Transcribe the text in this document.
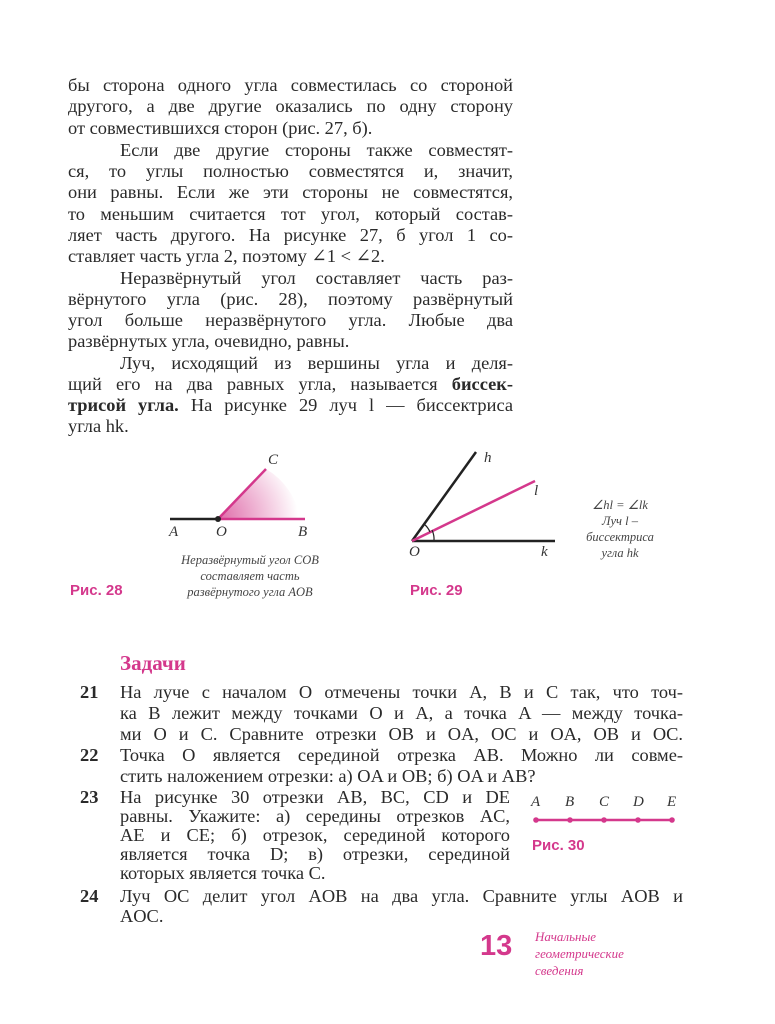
бы сторона одного угла совместилась со стороной
другого, а две другие оказались по одну сторону
от совместившихся сторон (рис. 27, б).
Если две другие стороны также совместят-
ся, то углы полностью совместятся и, значит,
они равны. Если же эти стороны не совместятся,
то меньшим считается тот угол, который состав-
ляет часть другого. На рисунке 27, б угол 1 со-
ставляет часть угла 2, поэтому ∠1 < ∠2.
Неразвёрнутый угол составляет часть раз-
вёрнутого угла (рис. 28), поэтому развёрнутый
угол больше неразвёрнутого угла. Любые два
развёрнутых угла, очевидно, равны.
Луч, исходящий из вершины угла и деля-
щий его на два равных угла, называется биссек-
трисой угла. На рисунке 29 луч l — биссектриса
угла hk.
A	O	B
C
Неразвёрнутый угол COB
составляет часть
развёрнутого угла AOB
Рис. 28
h
l
O	k
∠hl = ∠lk
Луч l –
биссектриса
угла hk
Рис. 29
Задачи
21 На луче с началом O отмечены точки A, B и C так, что точ-
ка B лежит между точками O и A, а точка A — между точка-
ми O и C. Сравните отрезки OB и OA, OC и OA, OB и OC.
22 Точка O является серединой отрезка AB. Можно ли совме-
стить наложением отрезки: а) OA и OB; б) OA и AB?
23 На рисунке 30 отрезки AB, BC, CD и DE
равны. Укажите: а) середины отрезков AC,
AE и CE; б) отрезок, серединой которого
является точка D; в) отрезки, серединой
которых является точка C.
24 Луч OC делит угол AOB на два угла. Сравните углы AOB и
AOC.
A B C D E
Рис. 30
13 Начальные
геометрические
сведения
